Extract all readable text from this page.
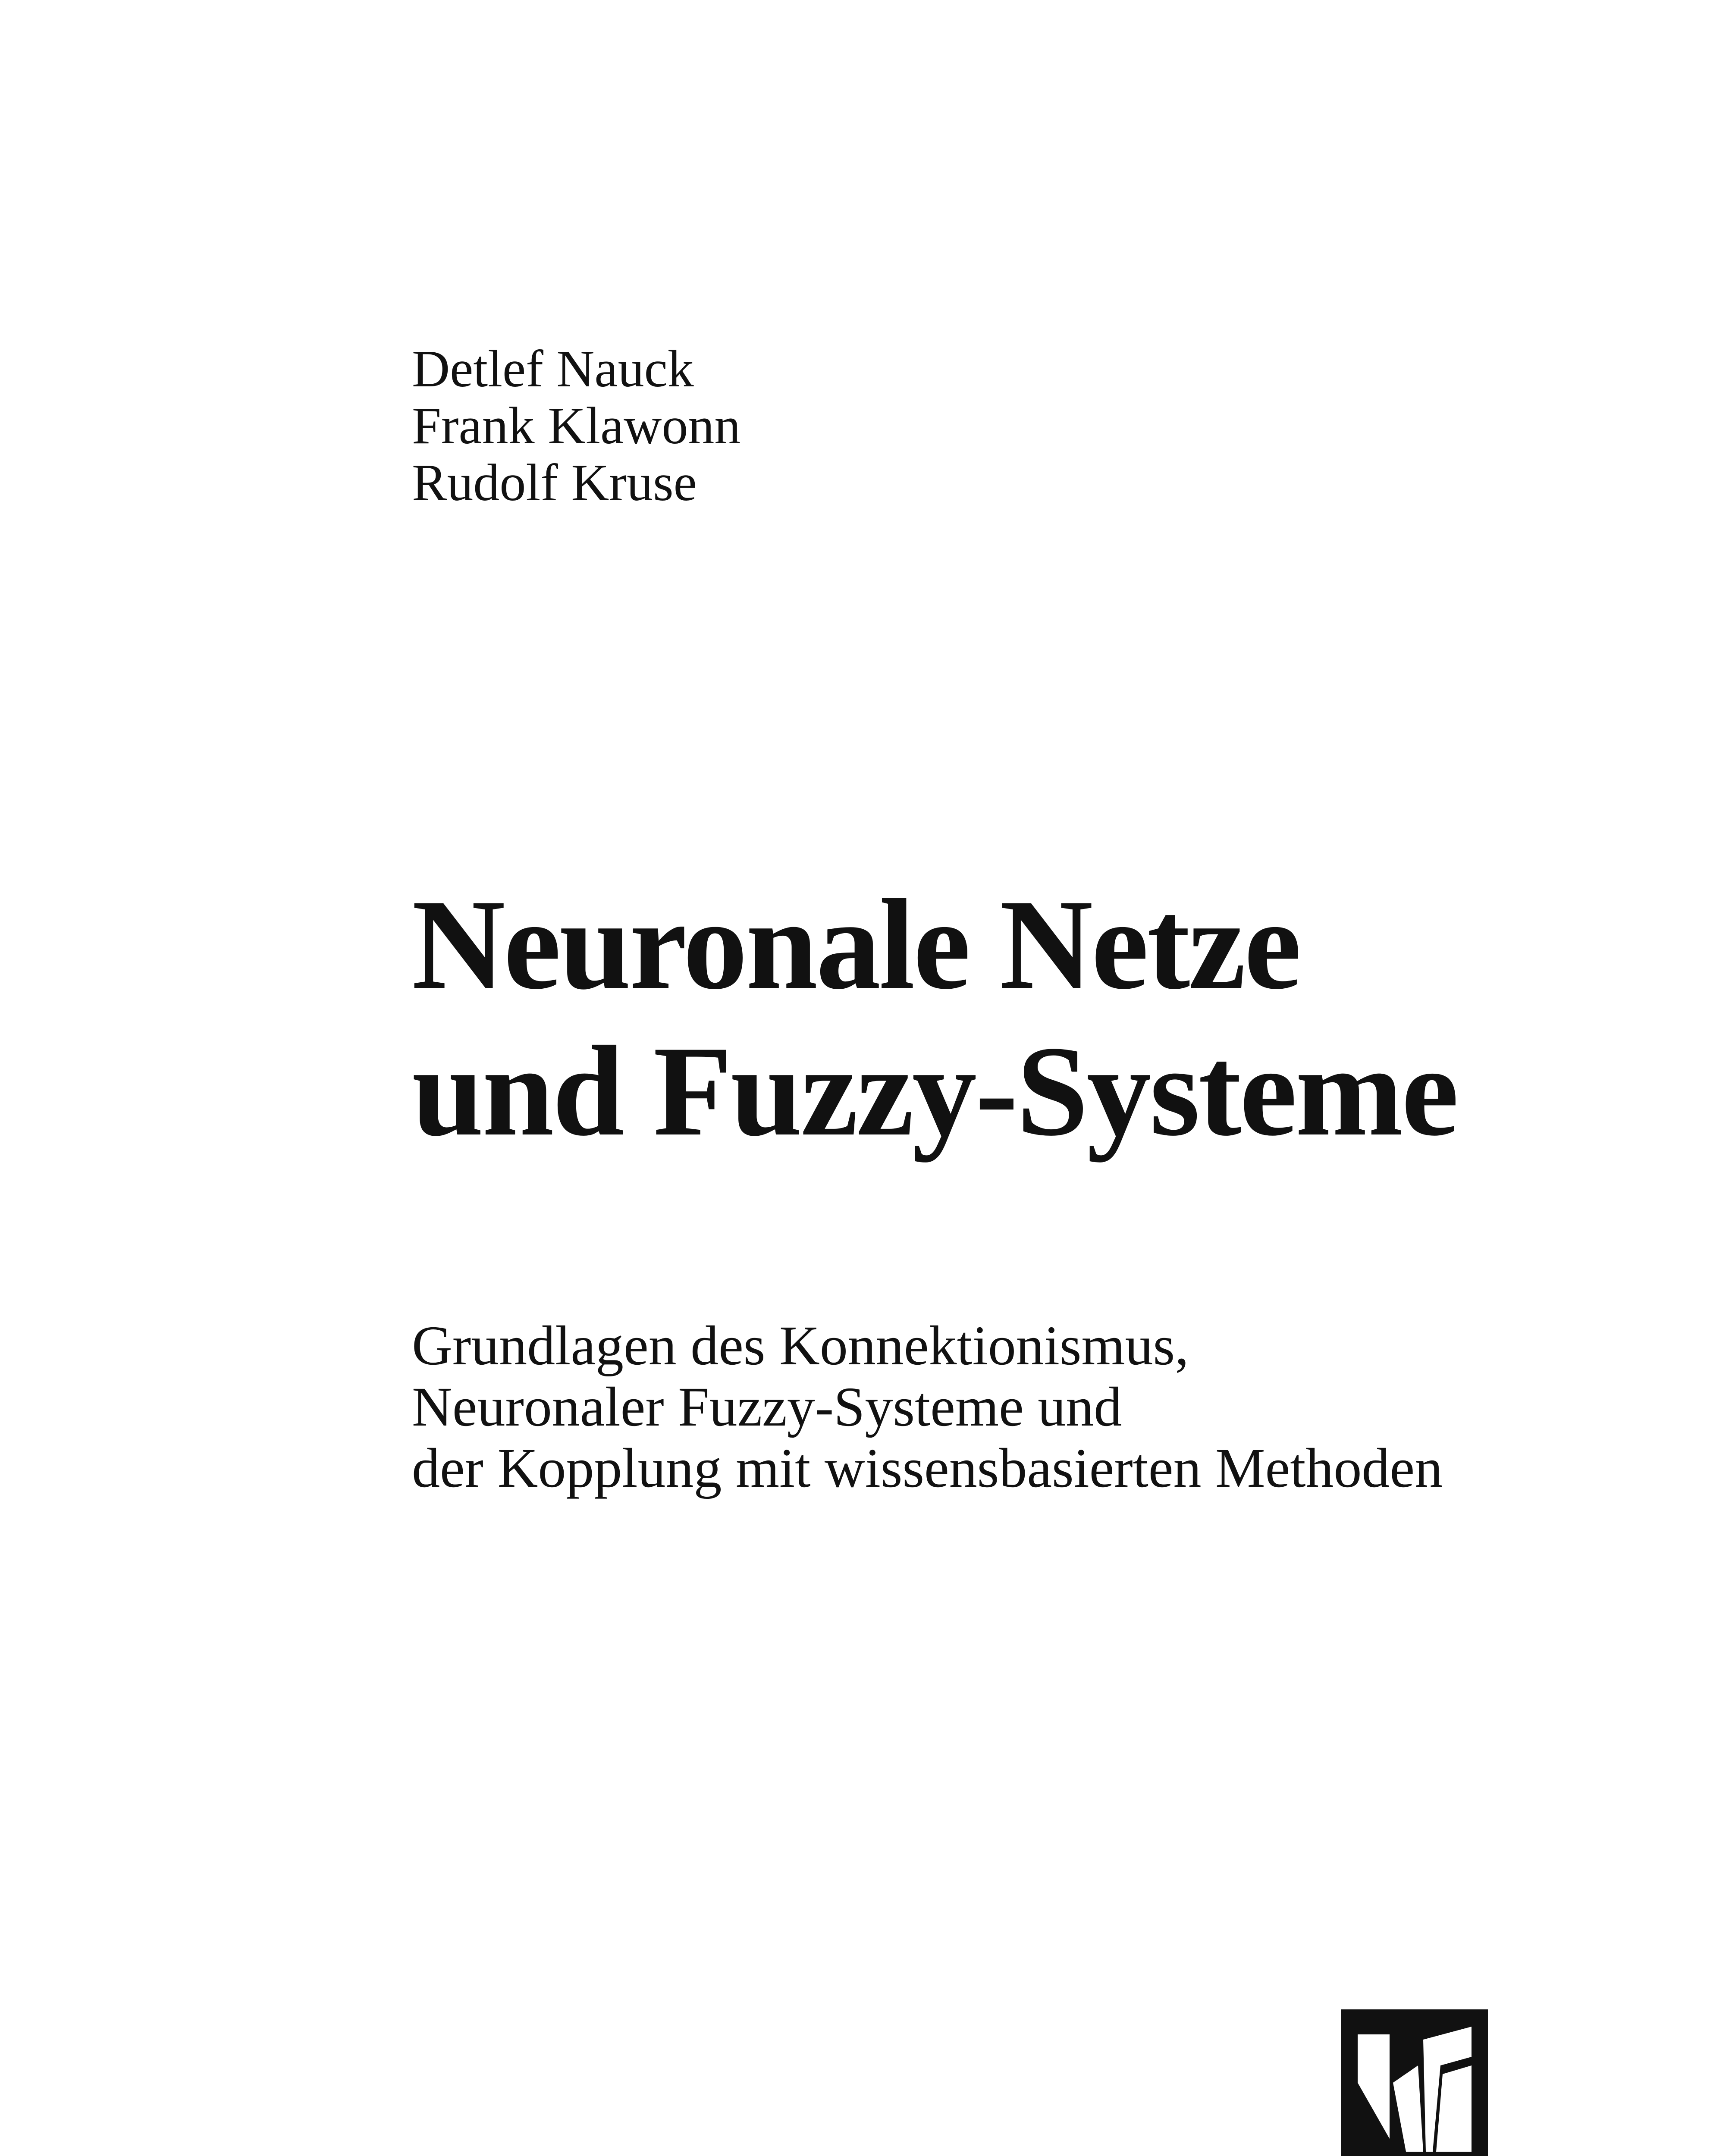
Detlef Nauck
Frank Klawonn
Rudolf Kruse
Neuronale Netze
und Fuzzy-Systeme
Grundlagen des Konnektionismus,
Neuronaler Fuzzy-Systeme und
der Kopplung mit wissensbasierten Methoden
